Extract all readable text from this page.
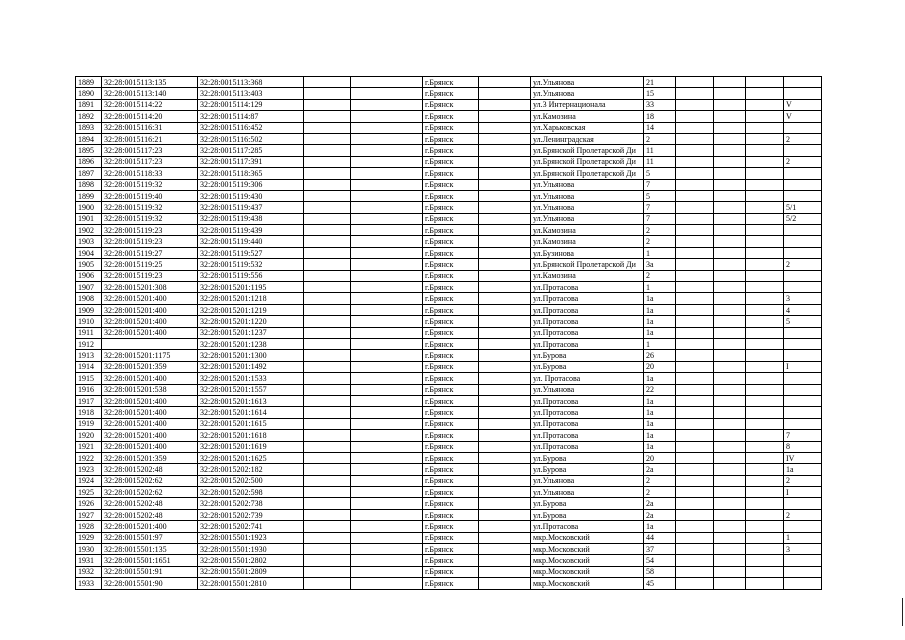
1889	32:28:0015113:135	32:28:0015113:368			г.Брянск		ул.Ульянова	21				
1890	32:28:0015113:140	32:28:0015113:403			г.Брянск		ул.Ульянова	15				
1891	32:28:0015114:22	32:28:0015114:129			г.Брянск		ул.3 Интернационала	33				V
1892	32:28:0015114:20	32:28:0015114:87			г.Брянск		ул.Камозина	18				V
1893	32:28:0015116:31	32:28:0015116:452			г.Брянск		ул.Харьковская	14				
1894	32:28:0015116:21	32:28:0015116:502			г.Брянск		ул.Ленинградская	2				2
1895	32:28:0015117:23	32:28:0015117:285			г.Брянск		ул.Брянской Пролетарской Ди	11				
1896	32:28:0015117:23	32:28:0015117:391			г.Брянск		ул.Брянской Пролетарской Ди	11				2
1897	32:28:0015118:33	32:28:0015118:365			г.Брянск		ул.Брянской Пролетарской Ди	5				
1898	32:28:0015119:32	32:28:0015119:306			г.Брянск		ул.Ульянова	7				
1899	32:28:0015119:40	32:28:0015119:430			г.Брянск		ул.Ульянова	5				
1900	32:28:0015119:32	32:28:0015119:437			г.Брянск		ул.Ульянова	7				5/1
1901	32:28:0015119:32	32:28:0015119:438			г.Брянск		ул.Ульянова	7				5/2
1902	32:28:0015119:23	32:28:0015119:439			г.Брянск		ул.Камозина	2				
1903	32:28:0015119:23	32:28:0015119:440			г.Брянск		ул.Камозина	2				
1904	32:28:0015119:27	32:28:0015119:527			г.Брянск		ул.Бузинова	1				
1905	32:28:0015119:25	32:28:0015119:532			г.Брянск		ул.Брянской Пролетарской Ди	3а				2
1906	32:28:0015119:23	32:28:0015119:556			г.Брянск		ул.Камозина	2				
1907	32:28:0015201:308	32:28:0015201:1195			г.Брянск		ул.Протасова	1				
1908	32:28:0015201:400	32:28:0015201:1218			г.Брянск		ул.Протасова	1а				3
1909	32:28:0015201:400	32:28:0015201:1219			г.Брянск		ул.Протасова	1а				4
1910	32:28:0015201:400	32:28:0015201:1220			г.Брянск		ул.Протасова	1а				5
1911	32:28:0015201:400	32:28:0015201:1237			г.Брянск		ул.Протасова	1а				
1912		32:28:0015201:1238			г.Брянск		ул.Протасова	1				
1913	32:28:0015201:1175	32:28:0015201:1300			г.Брянск		ул.Бурова	26				
1914	32:28:0015201:359	32:28:0015201:1492			г.Брянск		ул.Бурова	20				I
1915	32:28:0015201:400	32:28:0015201:1533			г.Брянск		ул. Протасова	1а				
1916	32:28:0015201:538	32:28:0015201:1557			г.Брянск		ул.Ульянова	22				
1917	32:28:0015201:400	32:28:0015201:1613			г.Брянск		ул.Протасова	1а				
1918	32:28:0015201:400	32:28:0015201:1614			г.Брянск		ул.Протасова	1а				
1919	32:28:0015201:400	32:28:0015201:1615			г.Брянск		ул.Протасова	1а				
1920	32:28:0015201:400	32:28:0015201:1618			г.Брянск		ул.Протасова	1а				7
1921	32:28:0015201:400	32:28:0015201:1619			г.Брянск		ул.Протасова	1а				8
1922	32:28:0015201:359	32:28:0015201:1625			г.Брянск		ул.Бурова	20				IV
1923	32:28:0015202:48	32:28:0015202:182			г.Брянск		ул.Бурова	2а				1а
1924	32:28:0015202:62	32:28:0015202:500			г.Брянск		ул.Ульянова	2				2
1925	32:28:0015202:62	32:28:0015202:598			г.Брянск		ул.Ульянова	2				I
1926	32:28:0015202:48	32:28:0015202:738			г.Брянск		ул.Бурова	2а				
1927	32:28:0015202:48	32:28:0015202:739			г.Брянск		ул.Бурова	2а				2
1928	32:28:0015201:400	32:28:0015202:741			г.Брянск		ул.Протасова	1а				
1929	32:28:0015501:97	32:28:0015501:1923			г.Брянск		мкр.Московский	44				1
1930	32:28:0015501:135	32:28:0015501:1930			г.Брянск		мкр.Московский	37				3
1931	32:28:0015501:1651	32:28:0015501:2802			г.Брянск		мкр.Московский	54				
1932	32:28:0015501:91	32:28:0015501:2809			г.Брянск		мкр.Московский	58				
1933	32:28:0015501:90	32:28:0015501:2810			г.Брянск		мкр.Московский	45				
